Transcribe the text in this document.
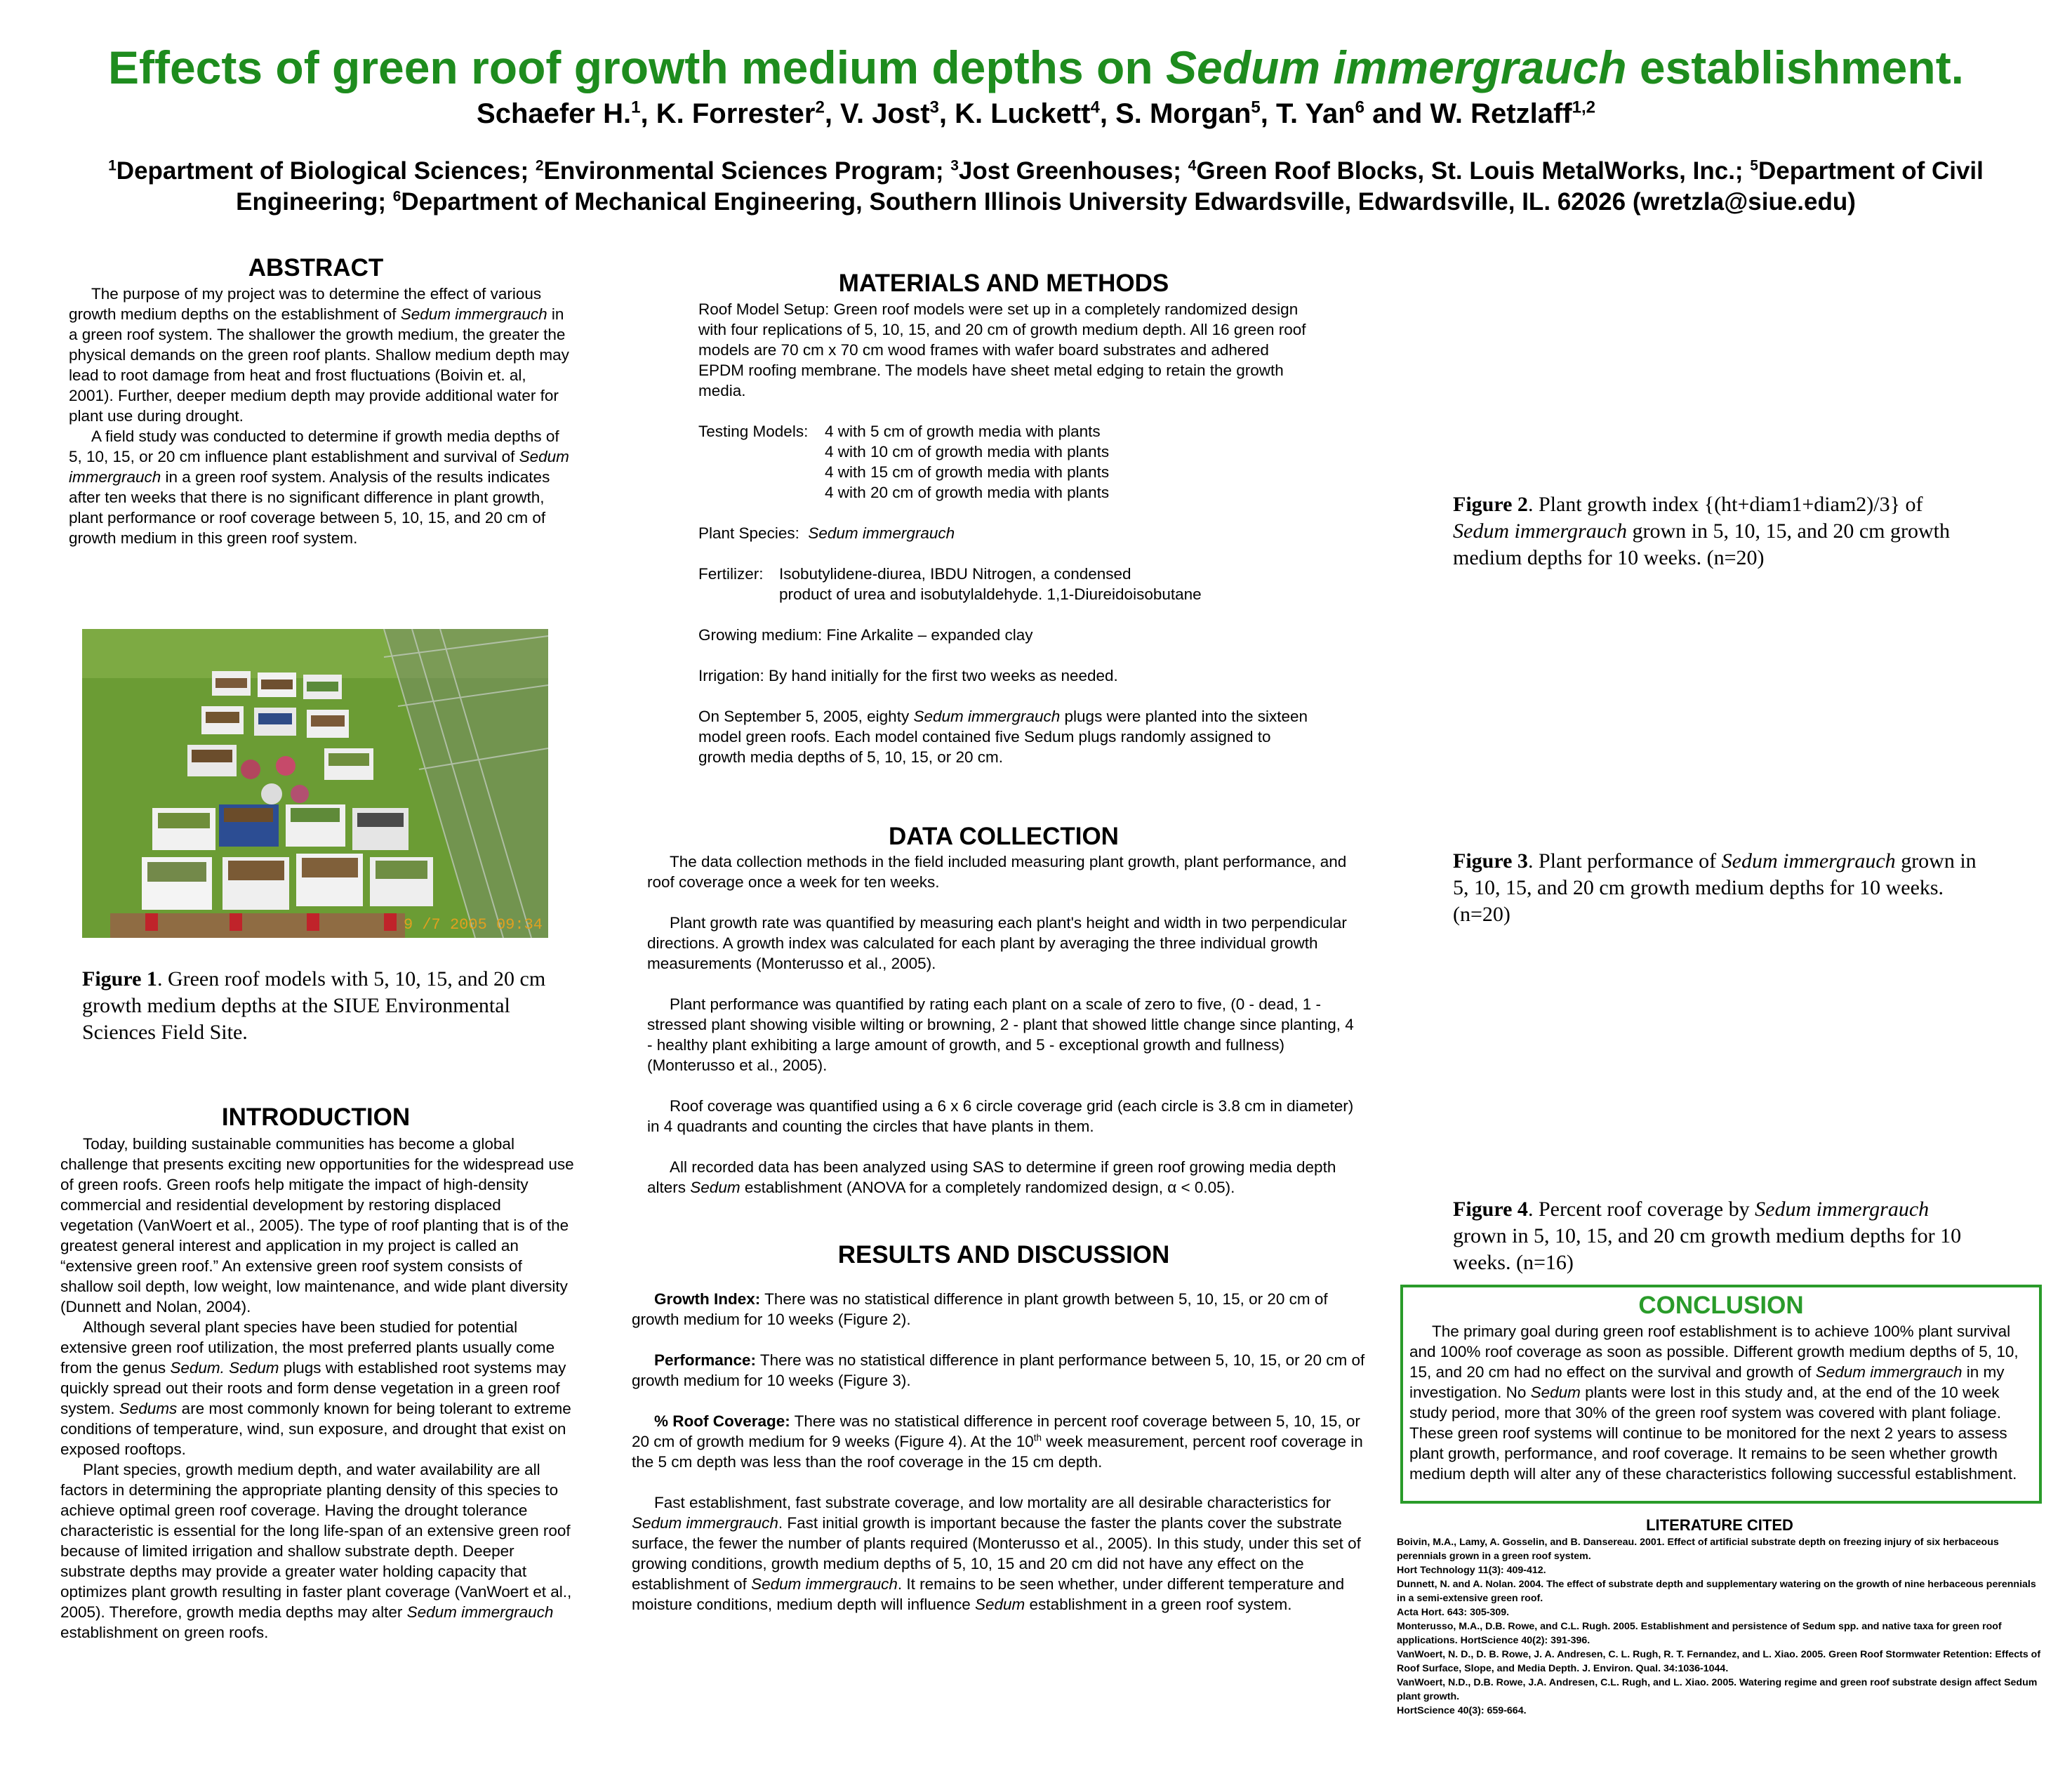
Effects of green roof growth medium depths on Sedum immergrauch establishment.
Schaefer H.$^1$, K. Forrester$^2$, V. Jost$^3$, K. Luckett$^4$, S. Morgan$^5$, T. Yan$^6$ and W. Retzlaff$^{1,2}$
$^1$Department of Biological Sciences; $^2$Environmental Sciences Program; $^3$Jost Greenhouses; $^4$Green Roof Blocks, St. Louis MetalWorks, Inc.; $^5$Department of Civil Engineering; $^6$Department of Mechanical Engineering, Southern Illinois University Edwardsville, Edwardsville, IL. 62026 (wretzla@siue.edu)
ABSTRACT

The purpose of my project was to determine the effect of various growth medium depths on the establishment of Sedum immergrauch in a green roof system. The shallower the growth medium, the greater the physical demands on the green roof plants. Shallow medium depth may lead to root damage from heat and frost fluctuations (Boivin et. al, 2001). Further, deeper medium depth may provide additional water for plant use during drought.

A field study was conducted to determine if growth media depths of 5, 10, 15, or 20 cm influence plant establishment and survival of Sedum immergrauch in a green roof system. Analysis of the results indicates after ten weeks that there is no significant difference in plant growth, plant performance or roof coverage between 5, 10, 15, and 20 cm of growth medium in this green roof system.

9 /7 2005 09:34
Figure 1. Green roof models with 5, 10, 15, and 20 cm growth medium depths at the SIUE Environmental Sciences Field Site.
INTRODUCTION

Today, building sustainable communities has become a global challenge that presents exciting new opportunities for the widespread use of green roofs. Green roofs help mitigate the impact of high-density commercial and residential development by restoring displaced vegetation (VanWoert et al., 2005). The type of roof planting that is of the greatest general interest and application in my project is called an “extensive green roof.” An extensive green roof system consists of shallow soil depth, low weight, low maintenance, and wide plant diversity (Dunnett and Nolan, 2004).

Although several plant species have been studied for potential extensive green roof utilization, the most preferred plants usually come from the genus Sedum. Sedum plugs with established root systems may quickly spread out their roots and form dense vegetation in a green roof system. Sedums are most commonly known for being tolerant to extreme conditions of temperature, wind, sun exposure, and drought that exist on exposed rooftops.

Plant species, growth medium depth, and water availability are all factors in determining the appropriate planting density of this species to achieve optimal green roof coverage. Having the drought tolerance characteristic is essential for the long life-span of an extensive green roof because of limited irrigation and shallow substrate depth. Deeper substrate depths may provide a greater water holding capacity that optimizes plant growth resulting in faster plant coverage (VanWoert et al., 2005). Therefore, growth media depths may alter Sedum immergrauch establishment on green roofs.

MATERIALS AND METHODS

Roof Model Setup: Green roof models were set up in a completely randomized design with four replications of 5, 10, 15, and 20 cm of growth medium depth. All 16 green roof models are 70 cm x 70 cm wood frames with wafer board substrates and adhered EPDM roofing membrane. The models have sheet metal edging to retain the growth media.

Testing Models:	4 with 5 cm of growth media with plants
4 with 10 cm of growth media with plants
4 with 15 cm of growth media with plants
4 with 20 cm of growth media with plants

Plant Species: Sedum immergrauch

Fertilizer: Isobutylidene-diurea, IBDU Nitrogen, a condensed
product of urea and isobutylaldehyde. 1,1-Diureidoisobutane

Growing medium: Fine Arkalite – expanded clay

Irrigation: By hand initially for the first two weeks as needed.

On September 5, 2005, eighty Sedum immergrauch plugs were planted into the sixteen model green roofs. Each model contained five Sedum plugs randomly assigned to growth media depths of 5, 10, 15, or 20 cm.

DATA COLLECTION

The data collection methods in the field included measuring plant growth, plant performance, and roof coverage once a week for ten weeks.

Plant growth rate was quantified by measuring each plant's height and width in two perpendicular directions. A growth index was calculated for each plant by averaging the three individual growth measurements (Monterusso et al., 2005).

Plant performance was quantified by rating each plant on a scale of zero to five, (0 - dead, 1 - stressed plant showing visible wilting or browning, 2 - plant that showed little change since planting, 4 - healthy plant exhibiting a large amount of growth, and 5 - exceptional growth and fullness) (Monterusso et al., 2005).

Roof coverage was quantified using a 6 x 6 circle coverage grid (each circle is 3.8 cm in diameter) in 4 quadrants and counting the circles that have plants in them.

All recorded data has been analyzed using SAS to determine if green roof growing media depth alters Sedum establishment (ANOVA for a completely randomized design, α < 0.05).

RESULTS AND DISCUSSION

Growth Index: There was no statistical difference in plant growth between 5, 10, 15, or 20 cm of growth medium for 10 weeks (Figure 2).

Performance: There was no statistical difference in plant performance between 5, 10, 15, or 20 cm of growth medium for 10 weeks (Figure 3).

% Roof Coverage: There was no statistical difference in percent roof coverage between 5, 10, 15, or 20 cm of growth medium for 9 weeks (Figure 4). At the 10th week measurement, percent roof coverage in the 5 cm depth was less than the roof coverage in the 15 cm depth.

Fast establishment, fast substrate coverage, and low mortality are all desirable characteristics for Sedum immergrauch. Fast initial growth is important because the faster the plants cover the substrate surface, the fewer the number of plants required (Monterusso et al., 2005). In this study, under this set of growing conditions, growth medium depths of 5, 10, 15 and 20 cm did not have any effect on the establishment of Sedum immergrauch. It remains to be seen whether, under different temperature and moisture conditions, medium depth will influence Sedum establishment in a green roof system.

Figure 2. Plant growth index {(ht+diam1+diam2)/3} of Sedum immergrauch grown in 5, 10, 15, and 20 cm growth medium depths for 10 weeks. (n=20)
Figure 3. Plant performance of Sedum immergrauch grown in 5, 10, 15, and 20 cm growth medium depths for 10 weeks. (n=20)
Figure 4. Percent roof coverage by Sedum immergrauch grown in 5, 10, 15, and 20 cm growth medium depths for 10 weeks. (n=16)
CONCLUSION

The primary goal during green roof establishment is to achieve 100% plant survival and 100% roof coverage as soon as possible. Different growth medium depths of 5, 10, 15, and 20 cm had no effect on the survival and growth of Sedum immergrauch in my investigation. No Sedum plants were lost in this study and, at the end of the 10 week study period, more that 30% of the green roof system was covered with plant foliage. These green roof systems will continue to be monitored for the next 2 years to assess plant growth, performance, and roof coverage. It remains to be seen whether growth medium depth will alter any of these characteristics following successful establishment.

LITERATURE CITED

Boivin, M.A., Lamy, A. Gosselin, and B. Dansereau. 2001. Effect of artificial substrate depth on freezing injury of six herbaceous perennials grown in a green roof system.

Hort Technology 11(3): 409-412.

Dunnett, N. and A. Nolan. 2004. The effect of substrate depth and supplementary watering on the growth of nine herbaceous perennials in a semi-extensive green roof.

Acta Hort. 643: 305-309.

Monterusso, M.A., D.B. Rowe, and C.L. Rugh. 2005. Establishment and persistence of Sedum spp. and native taxa for green roof applications. HortScience 40(2): 391-396.

VanWoert, N. D., D. B. Rowe, J. A. Andresen, C. L. Rugh, R. T. Fernandez, and L. Xiao. 2005. Green Roof Stormwater Retention: Effects of Roof Surface, Slope, and Media Depth. J. Environ. Qual. 34:1036-1044.

VanWoert, N.D., D.B. Rowe, J.A. Andresen, C.L. Rugh, and L. Xiao. 2005. Watering regime and green roof substrate design affect Sedum plant growth.

HortScience 40(3): 659-664.
